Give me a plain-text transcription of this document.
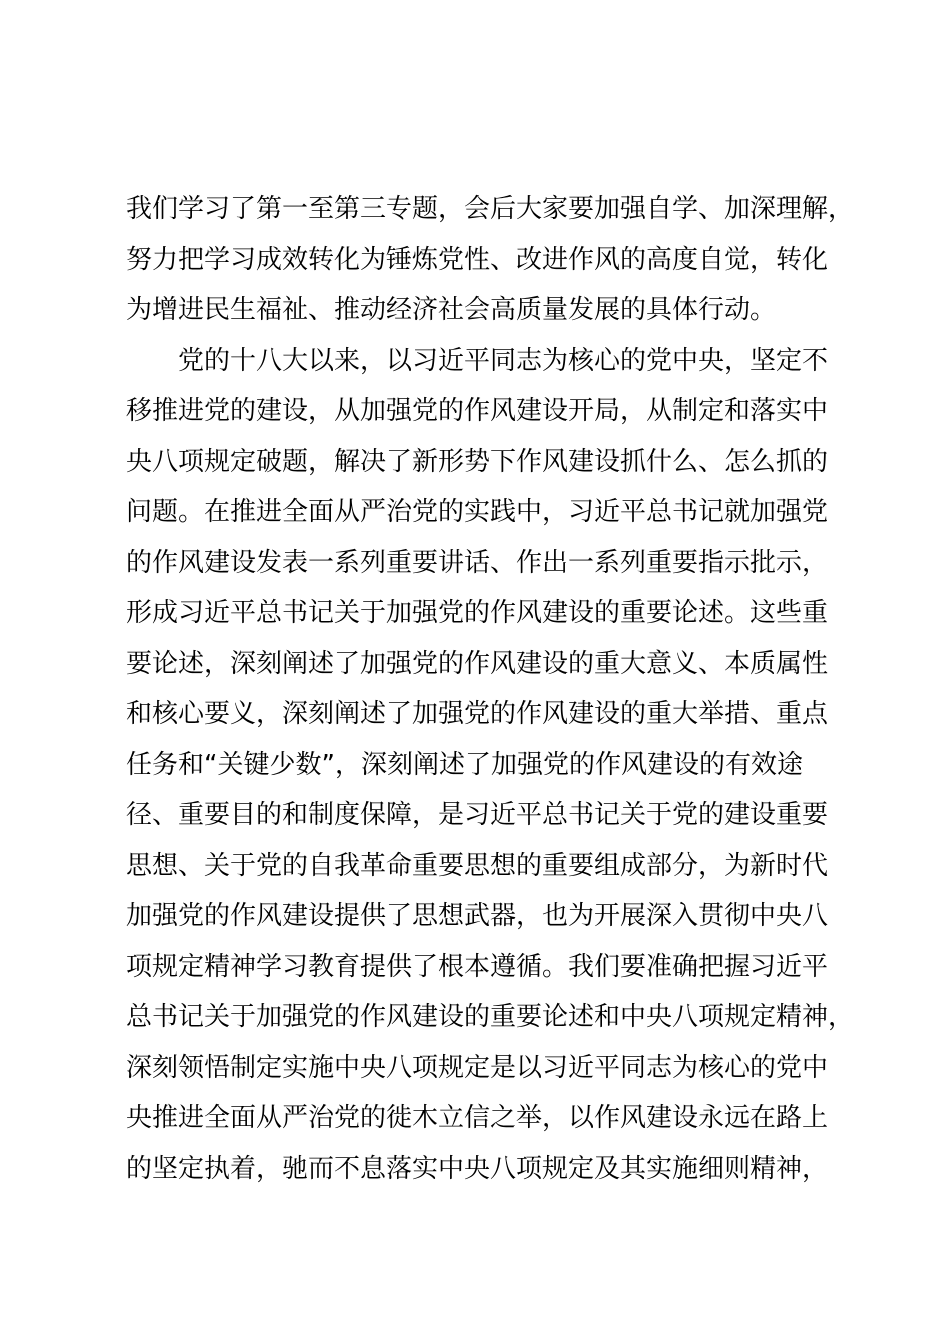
我们学习了第一至第三专题，会后大家要加强自学、加深理解，
努力把学习成效转化为锤炼党性、改进作风的高度自觉，转化
为增进民生福祉、推动经济社会高质量发展的具体行动。
　　党的十八大以来，以习近平同志为核心的党中央，坚定不
移推进党的建设，从加强党的作风建设开局，从制定和落实中
央八项规定破题，解决了新形势下作风建设抓什么、怎么抓的
问题。在推进全面从严治党的实践中，习近平总书记就加强党
的作风建设发表一系列重要讲话、作出一系列重要指示批示，
形成习近平总书记关于加强党的作风建设的重要论述。这些重
要论述，深刻阐述了加强党的作风建设的重大意义、本质属性
和核心要义，深刻阐述了加强党的作风建设的重大举措、重点
任务和“关键少数”，深刻阐述了加强党的作风建设的有效途
径、重要目的和制度保障，是习近平总书记关于党的建设重要
思想、关于党的自我革命重要思想的重要组成部分，为新时代
加强党的作风建设提供了思想武器，也为开展深入贯彻中央八
项规定精神学习教育提供了根本遵循。我们要准确把握习近平
总书记关于加强党的作风建设的重要论述和中央八项规定精神，
深刻领悟制定实施中央八项规定是以习近平同志为核心的党中
央推进全面从严治党的徙木立信之举，以作风建设永远在路上
的坚定执着，驰而不息落实中央八项规定及其实施细则精神，
